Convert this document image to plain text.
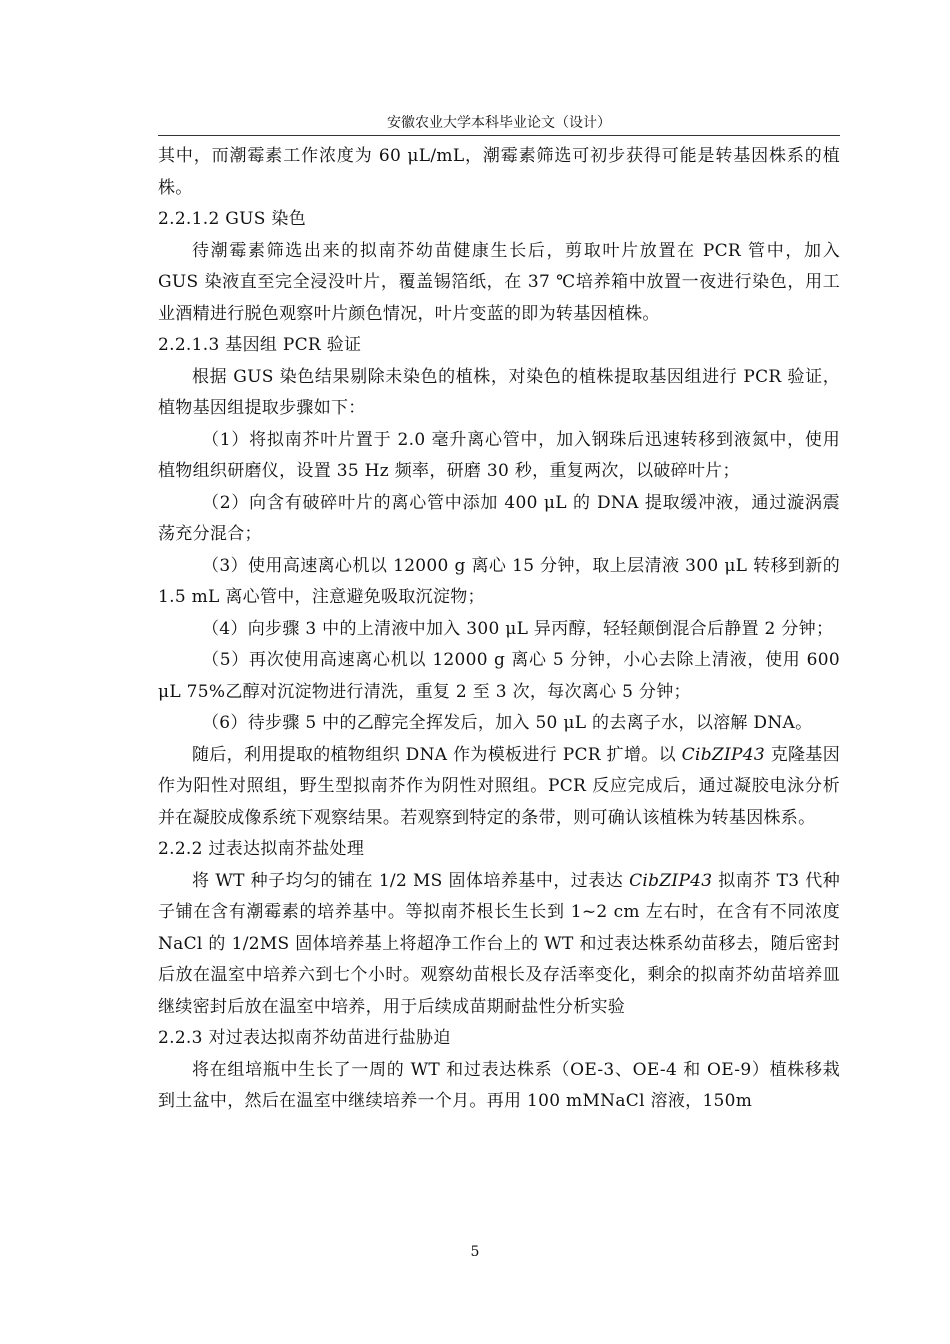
安徽农业大学本科毕业论文（设计）

其中，而潮霉素工作浓度为 60 μL/mL，潮霉素筛选可初步获得可能是转基因株系的植株。

2.2.1.2 GUS 染色

待潮霉素筛选出来的拟南芥幼苗健康生长后，剪取叶片放置在 PCR 管中，加入 GUS 染液直至完全浸没叶片，覆盖锡箔纸，在 37 ℃培养箱中放置一夜进行染色，用工业酒精进行脱色观察叶片颜色情况，叶片变蓝的即为转基因植株。

2.2.1.3 基因组 PCR 验证

根据 GUS 染色结果剔除未染色的植株，对染色的植株提取基因组进行 PCR 验证，植物基因组提取步骤如下：

（1）将拟南芥叶片置于 2.0 毫升离心管中，加入钢珠后迅速转移到液氮中，使用植物组织研磨仪，设置 35 Hz 频率，研磨 30 秒，重复两次，以破碎叶片；

（2）向含有破碎叶片的离心管中添加 400 μL 的 DNA 提取缓冲液，通过漩涡震荡充分混合；

（3）使用高速离心机以 12000 g 离心 15 分钟，取上层清液 300 μL 转移到新的 1.5 mL 离心管中，注意避免吸取沉淀物；

（4）向步骤 3 中的上清液中加入 300 μL 异丙醇，轻轻颠倒混合后静置 2 分钟；

（5）再次使用高速离心机以 12000 g 离心 5 分钟，小心去除上清液，使用 600 μL 75%乙醇对沉淀物进行清洗，重复 2 至 3 次，每次离心 5 分钟；

（6）待步骤 5 中的乙醇完全挥发后，加入 50 μL 的去离子水，以溶解 DNA。

随后，利用提取的植物组织 DNA 作为模板进行 PCR 扩增。以 CibZIP43 克隆基因作为阳性对照组，野生型拟南芥作为阴性对照组。PCR 反应完成后，通过凝胶电泳分析并在凝胶成像系统下观察结果。若观察到特定的条带，则可确认该植株为转基因株系。

2.2.2 过表达拟南芥盐处理

将 WT 种子均匀的铺在 1/2 MS 固体培养基中，过表达 CibZIP43 拟南芥 T3 代种子铺在含有潮霉素的培养基中。等拟南芥根长生长到 1~2 cm 左右时，在含有不同浓度 NaCl 的 1/2MS 固体培养基上将超净工作台上的 WT 和过表达株系幼苗移去，随后密封后放在温室中培养六到七个小时。观察幼苗根长及存活率变化，剩余的拟南芥幼苗培养皿继续密封后放在温室中培养，用于后续成苗期耐盐性分析实验

2.2.3 对过表达拟南芥幼苗进行盐胁迫

将在组培瓶中生长了一周的 WT 和过表达株系（OE-3、OE-4 和 OE-9）植株移栽到土盆中，然后在温室中继续培养一个月。再用 100 mMNaCl 溶液，150m

5
